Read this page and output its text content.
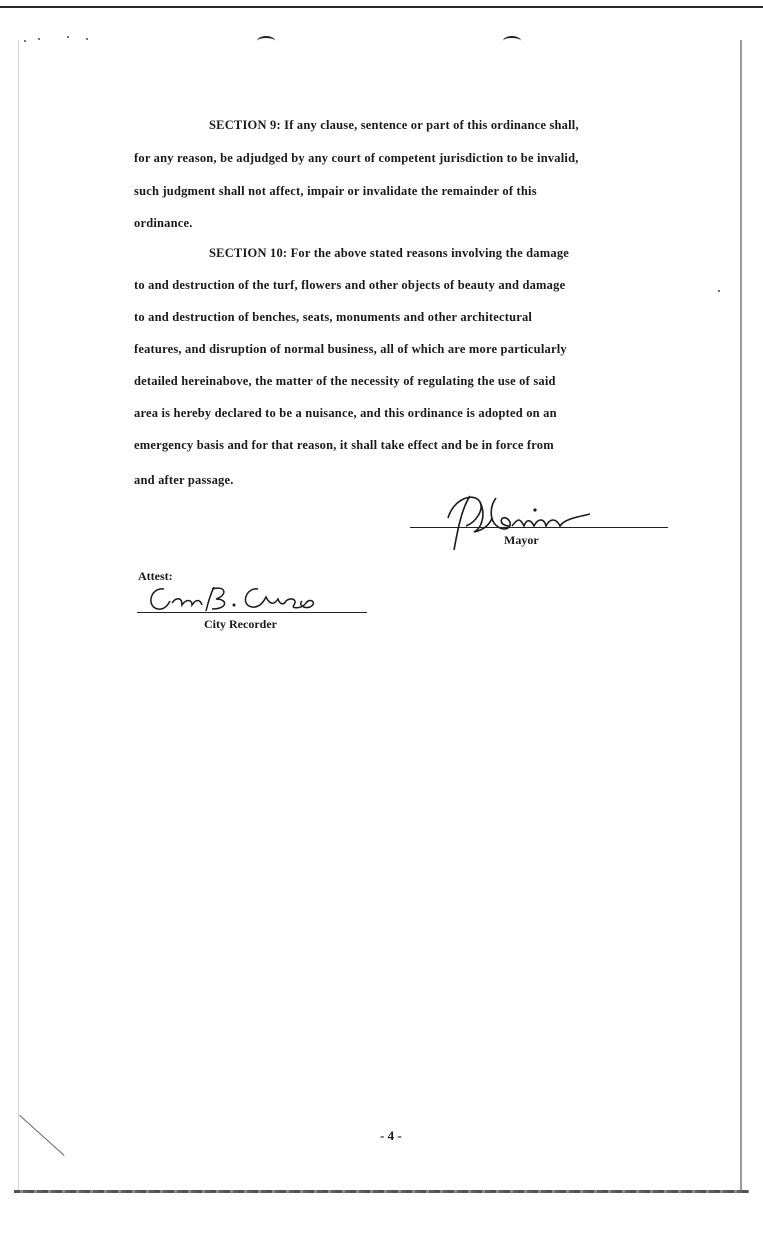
SECTION 9: If any clause, sentence or part of this ordinance shall,
for any reason, be adjudged by any court of competent jurisdiction to be invalid,
such judgment shall not affect, impair or invalidate the remainder of this
ordinance.
SECTION 10: For the above stated reasons involving the damage
to and destruction of the turf, flowers and other objects of beauty and damage
to and destruction of benches, seats, monuments and other architectural
features, and disruption of normal business, all of which are more particularly
detailed hereinabove, the matter of the necessity of regulating the use of said
area is hereby declared to be a nuisance, and this ordinance is adopted on an
emergency basis and for that reason, it shall take effect and be in force from
and after passage.
Mayor
Attest:
City Recorder
- 4 -
